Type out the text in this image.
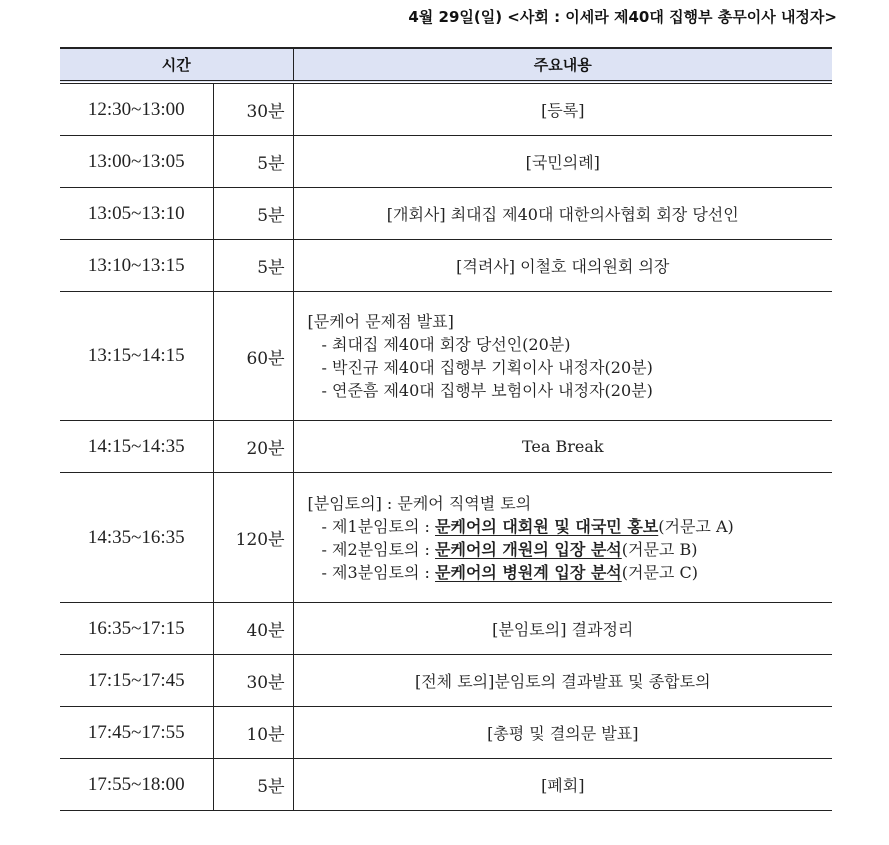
4월 29일(일) <사회 : 이세라 제40대 집행부 총무이사 내정자>
시간		주요내용
12:30~13:00	30분	[등록]
13:00~13:05	5분	[국민의례]
13:05~13:10	5분	[개회사] 최대집 제40대 대한의사협회 회장 당선인
13:10~13:15	5분	[격려사] 이철호 대의원회 의장
13:15~14:15	60분	[문케어 문제점 발표]
- 최대집 제40대 회장 당선인(20분)
- 박진규 제40대 집행부 기획이사 내정자(20분)
- 연준흠 제40대 집행부 보험이사 내정자(20분)

14:15~14:35	20분	Tea Break
14:35~16:35	120분	[분임토의] : 문케어 직역별 토의
- 제1분임토의 : 문케어의 대회원 및 대국민 홍보(거문고 A)
- 제2분임토의 : 문케어의 개원의 입장 분석(거문고 B)
- 제3분임토의 : 문케어의 병원계 입장 분석(거문고 C)

16:35~17:15	40분	[분임토의] 결과정리
17:15~17:45	30분	[전체 토의]분임토의 결과발표 및 종합토의
17:45~17:55	10분	[총평 및 결의문 발표]
17:55~18:00	5분	[폐회]
